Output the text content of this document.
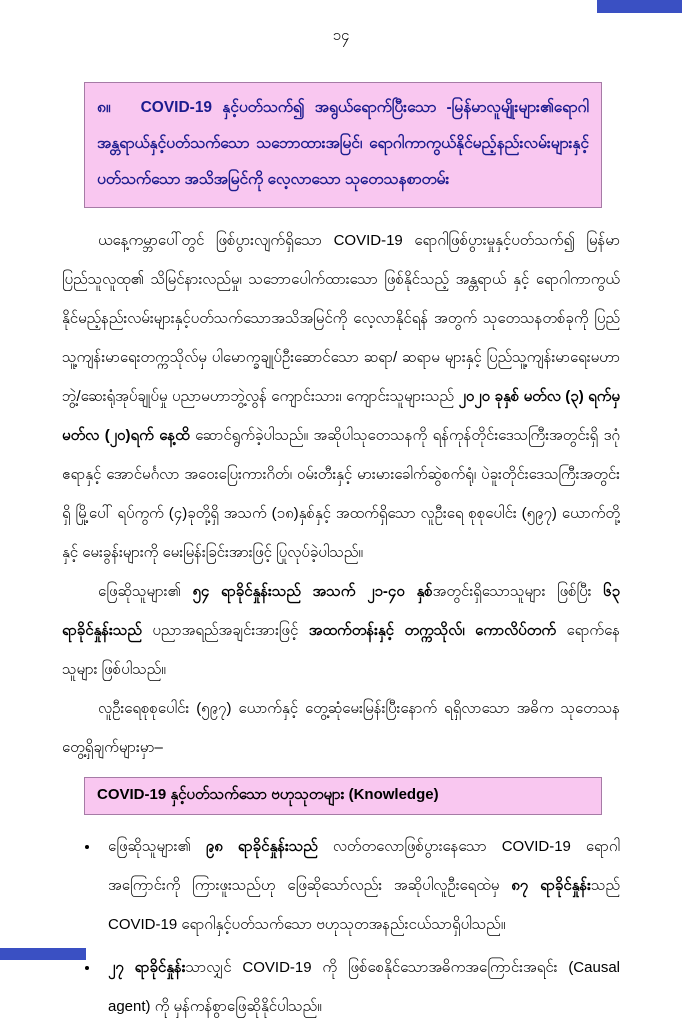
၁၄
၈။ COVID-19 နှင့်ပတ်သက်၍ အရွယ်ရောက်ပြီးသော -မြန်မာလူမျိုးများ၏ရောဂါ အန္တရာယ်နှင့်ပတ်သက်သော သဘောထားအမြင်၊ ရောဂါကာကွယ်နိုင်မည့်နည်းလမ်းများနှင့် ပတ်သက်သော အသိအမြင်ကို လေ့လာသော သုတေသနစာတမ်း

ယနေ့ကမ္ဘာပေါ်တွင် ဖြစ်ပွားလျက်ရှိသော COVID-19 ရောဂါဖြစ်ပွားမှုနှင့်ပတ်သက်၍ မြန်မာ ပြည်သူလူထု၏ သိမြင်နားလည်မှု၊ သဘောပေါက်ထားသော ဖြစ်နိုင်သည့် အန္တရာယ် နှင့် ရောဂါကာကွယ်နိုင်မည့်နည်းလမ်းများနှင့်ပတ်သက်သောအသိအမြင်ကို လေ့လာနိုင်ရန် အတွက် သုတေသနတစ်ခုကို ပြည်သူ့ကျန်းမာရေးတက္ကသိုလ်မှ ပါမောက္ခချုပ်ဦးဆောင်သော ဆရာ/ ဆရာမ များနှင့် ပြည်သူ့ကျန်းမာရေးမဟာဘွဲ့/ဆေးရုံအုပ်ချုပ်မှု ပညာမဟာဘွဲ့လွန် ကျောင်းသား၊ ကျောင်းသူများသည် ၂၀၂၀ ခုနှစ် မတ်လ (၃) ရက်မှ မတ်လ (၂၀)ရက် နေ့ထိ ဆောင်ရွက်ခဲ့ပါသည်။ အဆိုပါသုတေသနကို ရန်ကုန်တိုင်းဒေသကြီးအတွင်းရှိ ဒဂုံဧရာနှင့် အောင်မင်္ဂလာ အဝေးပြေးကားဂိတ်၊ ဝမ်းတီးနှင့် မားမားခေါက်ဆွဲစက်ရုံ၊ ပဲခူးတိုင်းဒေသကြီးအတွင်းရှိ မြို့ပေါ် ရပ်ကွက် (၄)ခုတို့ရှိ အသက် (၁၈)နှစ်နှင့် အထက်ရှိသော လူဦးရေ စုစုပေါင်း (၅၉၇) ယောက်တို့ နှင့် မေးခွန်းများကို မေးမြန်းခြင်းအားဖြင့် ပြုလုပ်ခဲ့ပါသည်။

ဖြေဆိုသူများ၏ ၅၄ ရာခိုင်နှုန်းသည် အသက် ၂၁-၄၀ နှစ်အတွင်းရှိသောသူများ ဖြစ်ပြီး ၆၃ ရာခိုင်နှုန်းသည် ပညာအရည်အချင်းအားဖြင့် အထက်တန်းနှင့် တက္ကသိုလ်၊ ကောလိပ်တက် ရောက်နေသူများ ဖြစ်ပါသည်။

လူဦးရေစုစုပေါင်း (၅၉၇) ယောက်နှင့် တွေ့ဆုံမေးမြန်းပြီးနောက် ရရှိလာသော အဓိက သုတေသနတွေ့ရှိချက်များမှာ–

COVID-19 နှင့်ပတ်သက်သော ဗဟုသုတများ (Knowledge)
• ဖြေဆိုသူများ၏ ၉၈ ရာခိုင်နှုန်းသည် လတ်တလောဖြစ်ပွားနေသော COVID-19 ရောဂါ အကြောင်းကို ကြားဖူးသည်ဟု ဖြေဆိုသော်လည်း အဆိုပါလူဦးရေထဲမှ ၈၇ ရာခိုင်နှုန်းသည် COVID-19 ရောဂါနှင့်ပတ်သက်သော ဗဟုသုတအနည်းငယ်သာရှိပါသည်။
• ၂၇ ရာခိုင်နှုန်းသာလျှင် COVID-19 ကို ဖြစ်စေနိုင်သောအဓိကအကြောင်းအရင်း (Causal agent) ကို မှန်ကန်စွာဖြေဆိုနိုင်ပါသည်။
